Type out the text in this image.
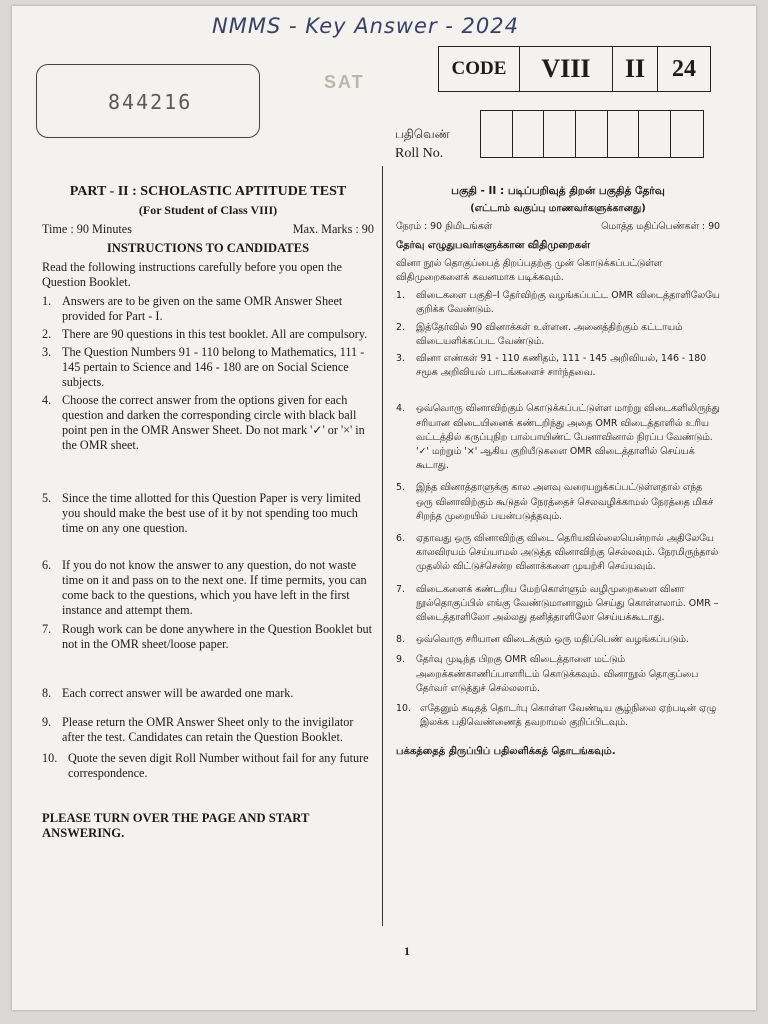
NMMS - Key Answer - 2024
844216
SAT
CODE	VIII	II	24
பதிவெண்
Roll No.
PART - II : SCHOLASTIC APTITUDE TEST
(For Student of Class VIII)
Time : 90 Minutes	Max. Marks : 90
INSTRUCTIONS TO CANDIDATES
Read the following instructions carefully before you open the Question Booklet.
1. Answers are to be given on the same OMR Answer Sheet provided for Part - I.
2. There are 90 questions in this test booklet. All are compulsory.
3. The Question Numbers 91 - 110 belong to Mathematics, 111 - 145 pertain to Science and 146 - 180 are on Social Science subjects.
4. Choose the correct answer from the options given for each question and darken the corresponding circle with black ball point pen in the OMR Answer Sheet. Do not mark '✓' or '×' in the OMR sheet.
5. Since the time allotted for this Question Paper is very limited you should make the best use of it by not spending too much time on any one question.
6. If you do not know the answer to any question, do not waste time on it and pass on to the next one. If time permits, you can come back to the questions, which you have left in the first instance and attempt them.
7. Rough work can be done anywhere in the Question Booklet but not in the OMR sheet/loose paper.
8. Each correct answer will be awarded one mark.
9. Please return the OMR Answer Sheet only to the invigilator after the test. Candidates can retain the Question Booklet.
10. Quote the seven digit Roll Number without fail for any future correspondence.
PLEASE TURN OVER THE PAGE AND START ANSWERING.
பகுதி - II : படிப்பறிவுத் திறன் பகுதித் தேர்வு
(எட்டாம் வகுப்பு மாணவர்களுக்கானது)
நேரம் : 90 நிமிடங்கள்	மொத்த மதிப்பெண்கள் : 90
தேர்வு எழுதுபவர்களுக்கான விதிமுறைகள்
வினா நூல் தொகுப்பைத் திறப்பதற்கு முன் கொடுக்கப்பட்டுள்ள விதிமுறைகளைக் கவனமாக படிக்கவும்.
1.	விடைகளை பகுதி–I தேர்விற்கு வழங்கப்பட்ட OMR விடைத்தாளிலேயே குறிக்க வேண்டும்.
2.	இத்தேர்வில் 90 வினாக்கள் உள்ளன. அனைத்திற்கும் கட்டாயம் விடையளிக்கப்பட வேண்டும்.
3.	வினா எண்கள் 91 - 110 கணிதம், 111 - 145 அறிவியல், 146 - 180 சமூக அறிவியல் பாடங்களைச் சார்ந்தவை.
4.	ஒவ்வொரு வினாவிற்கும் கொடுக்கப்பட்டுள்ள மாற்று விடைகளிலிருந்து சரியான விடையினைக் கண்டறிந்து அதை OMR விடைத்தாளில் உரிய வட்டத்தில் கருப்புநிற பால்பாயிண்ட் பேனாவினால் நிரப்ப வேண்டும். '✓' மற்றும் '×' ஆகிய குறியீடுகளை OMR விடைத்தாளில் செய்யக் கூடாது.
5.	இந்த வினாத்தாளுக்கு கால அளவு வரையறுக்கப்பட்டுள்ளதால் எந்த ஒரு வினாவிற்கும் கூடுதல் நேரத்தைச் செலவழிக்காமல் நேரத்தை மிகச் சிறந்த முறையில் பயன்படுத்தவும்.
6.	ஏதாவது ஒரு வினாவிற்கு விடை தெரியவில்லையென்றால் அதிலேயே காலவிரயம் செய்யாமல் அடுத்த வினாவிற்கு செல்லவும். நேரமிருந்தால் முதலில் விட்டுச்சென்ற வினாக்களை முயற்சி செய்யவும்.
7.	விடைகளைக் கண்டறிய மேற்கொள்ளும் வழிமுறைகளை வினா நூல்தொகுப்பில் எங்கு வேண்டுமானாலும் செய்து கொள்ளலாம். OMR – விடைத்தாளிலோ அல்லது தனித்தாளிலோ செய்யக்கூடாது.
8.	ஒவ்வொரு சரியான விடைக்கும் ஒரு மதிப்பெண் வழங்கப்படும்.
9.	தேர்வு முடிந்த பிறகு OMR விடைத்தாளை மட்டும் அறைக்கண்காணிப்பாளரிடம் கொடுக்கவும். வினாநூல் தொகுப்பை தேர்வர் எடுத்துச் செல்லலாம்.
10. எதேனும் கடிதத் தொடர்பு கொள்ள வேண்டிய சூழ்நிலை ஏற்படின் ஏழு இலக்க பதிவெண்ணைத் தவறாமல் குறிப்பிடவும்.
பக்கத்தைத் திருப்பிப் பதிலளிக்கத் தொடங்கவும்.
1
